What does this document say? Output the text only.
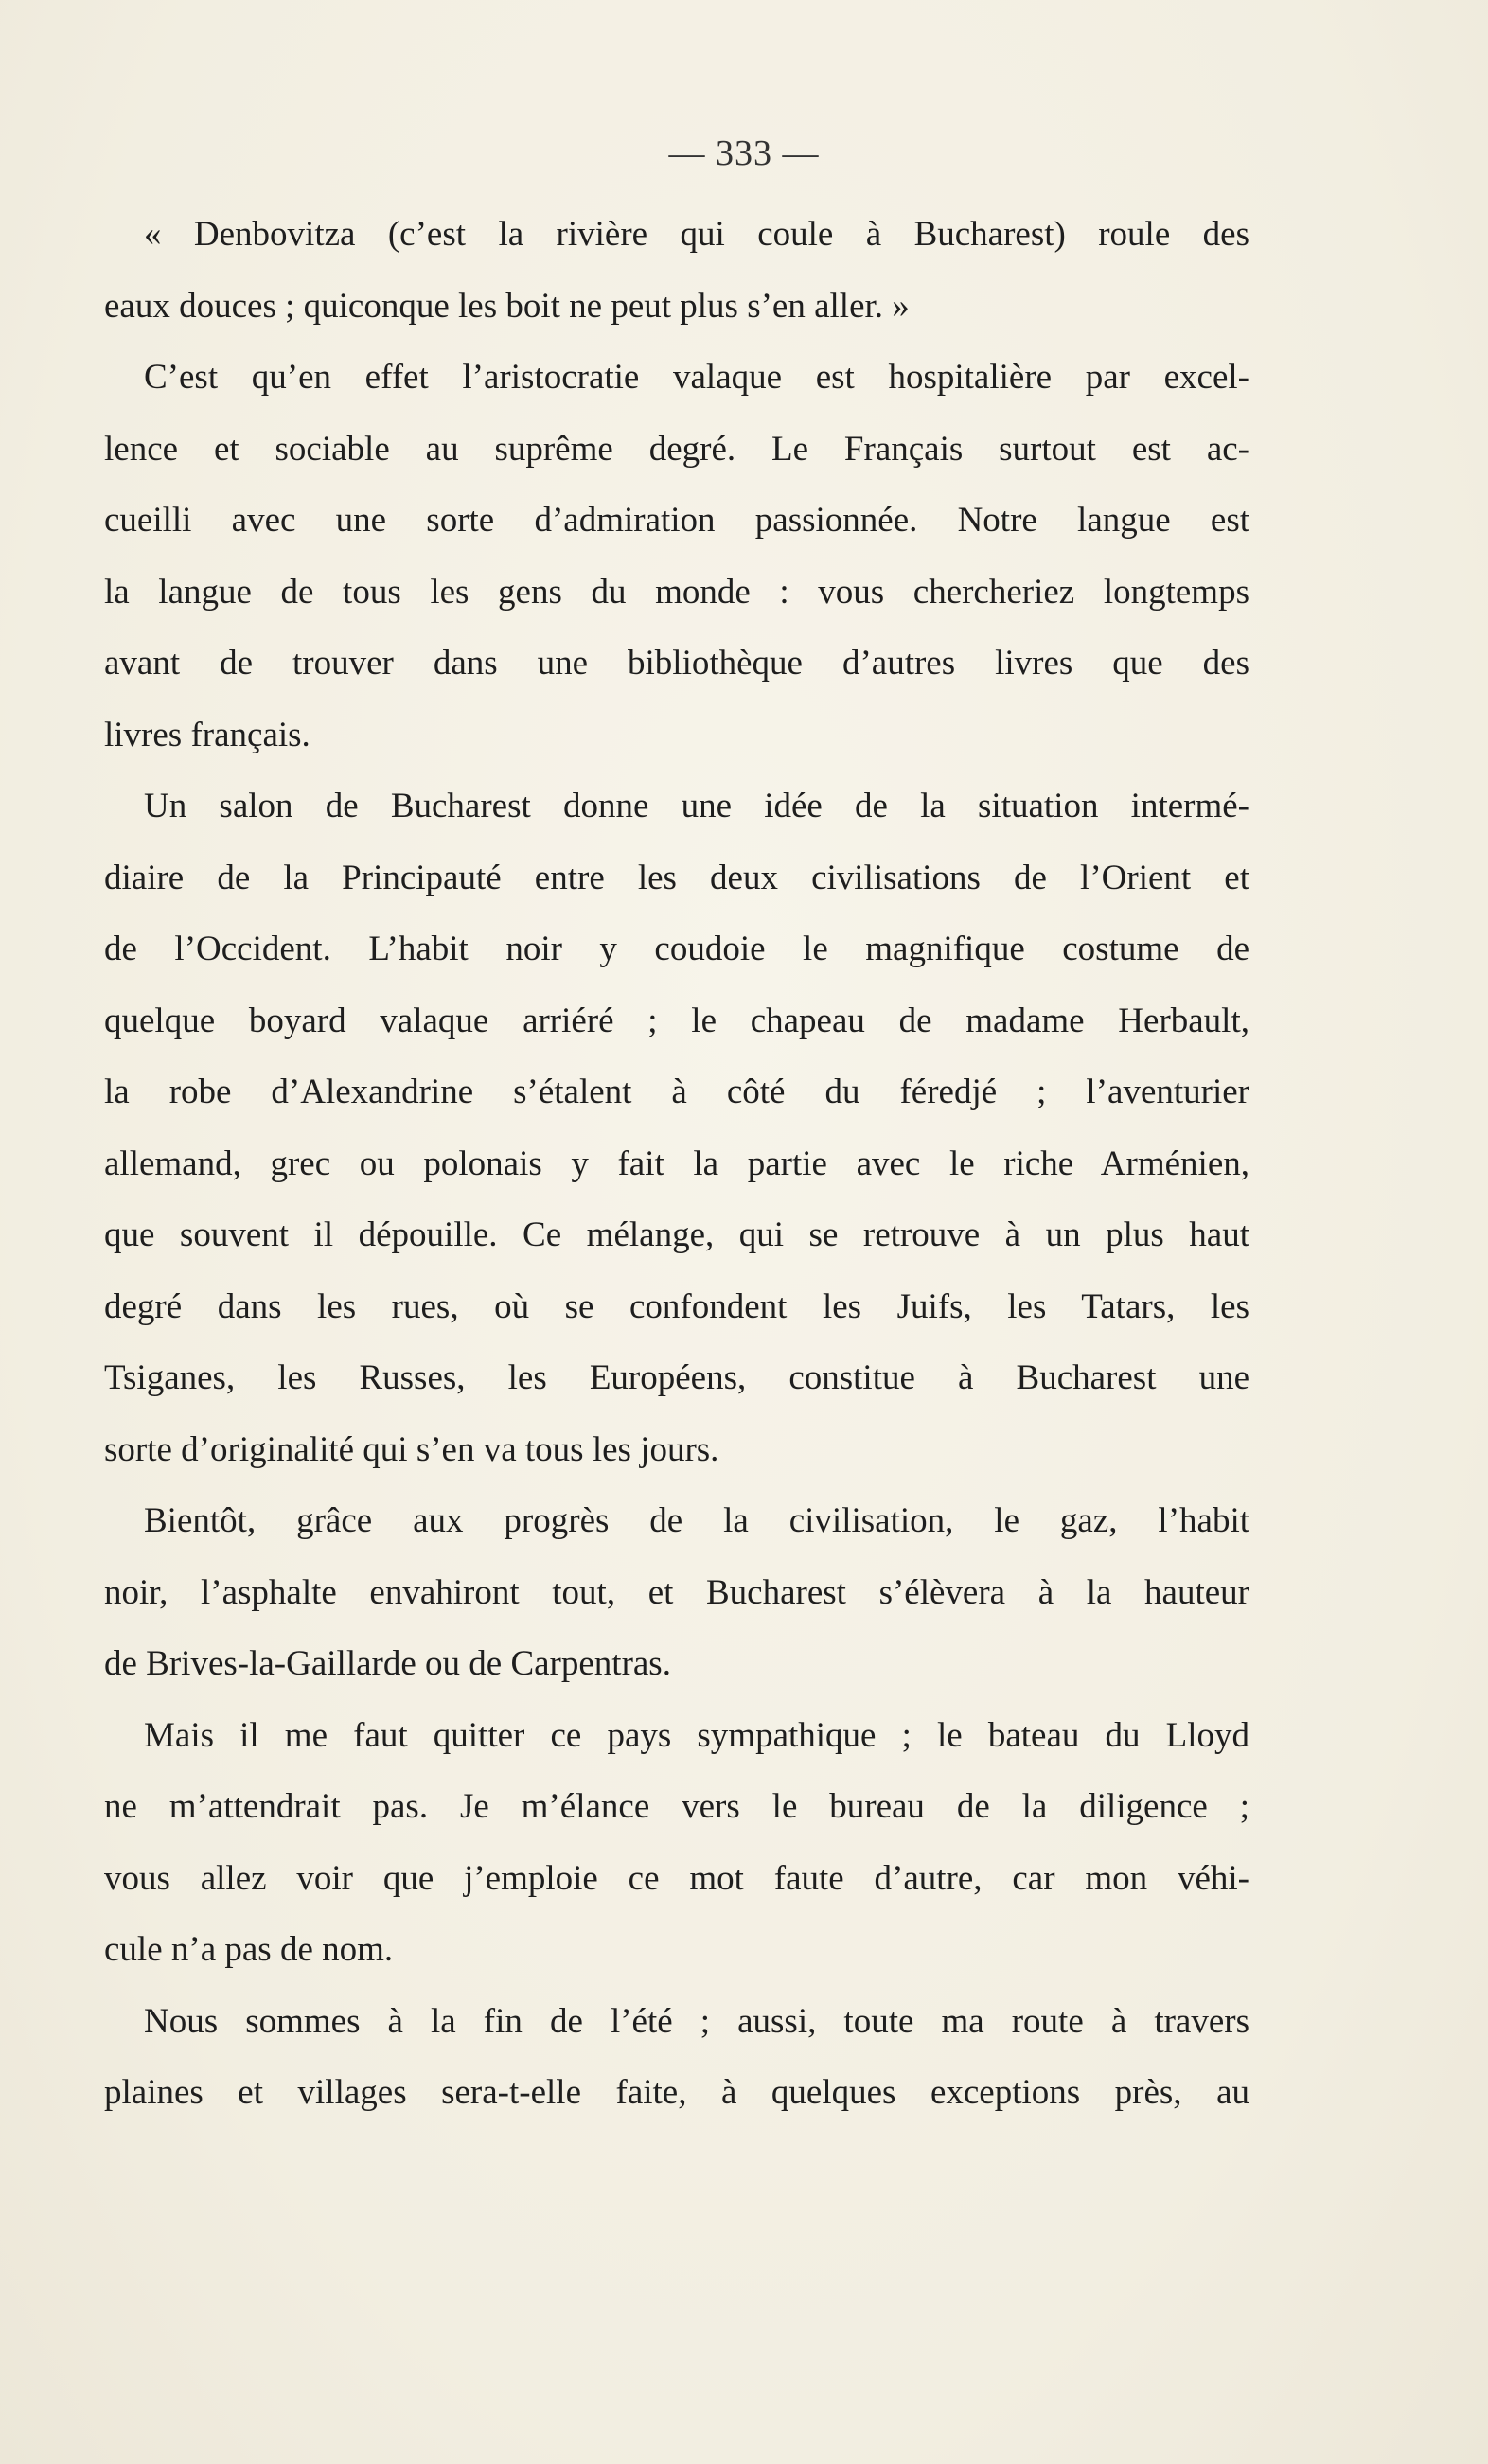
— 333 —
« Denbovitza (c’est la rivière qui coule à Bucharest) roule des
eaux douces ; quiconque les boit ne peut plus s’en aller. »
C’est qu’en effet l’aristocratie valaque est hospitalière par excel-
lence et sociable au suprême degré. Le Français surtout est ac-
cueilli avec une sorte d’admiration passionnée. Notre langue est
la langue de tous les gens du monde : vous chercheriez longtemps
avant de trouver dans une bibliothèque d’autres livres que des
livres français.
Un salon de Bucharest donne une idée de la situation intermé-
diaire de la Principauté entre les deux civilisations de l’Orient et
de l’Occident. L’habit noir y coudoie le magnifique costume de
quelque boyard valaque arriéré ; le chapeau de madame Herbault,
la robe d’Alexandrine s’étalent à côté du féredjé ; l’aventurier
allemand, grec ou polonais y fait la partie avec le riche Arménien,
que souvent il dépouille. Ce mélange, qui se retrouve à un plus haut
degré dans les rues, où se confondent les Juifs, les Tatars, les
Tsiganes, les Russes, les Européens, constitue à Bucharest une
sorte d’originalité qui s’en va tous les jours.
Bientôt, grâce aux progrès de la civilisation, le gaz, l’habit
noir, l’asphalte envahiront tout, et Bucharest s’élèvera à la hauteur
de Brives-la-Gaillarde ou de Carpentras.
Mais il me faut quitter ce pays sympathique ; le bateau du Lloyd
ne m’attendrait pas. Je m’élance vers le bureau de la diligence ;
vous allez voir que j’emploie ce mot faute d’autre, car mon véhi-
cule n’a pas de nom.
Nous sommes à la fin de l’été ; aussi, toute ma route à travers
plaines et villages sera-t-elle faite, à quelques exceptions près, au
